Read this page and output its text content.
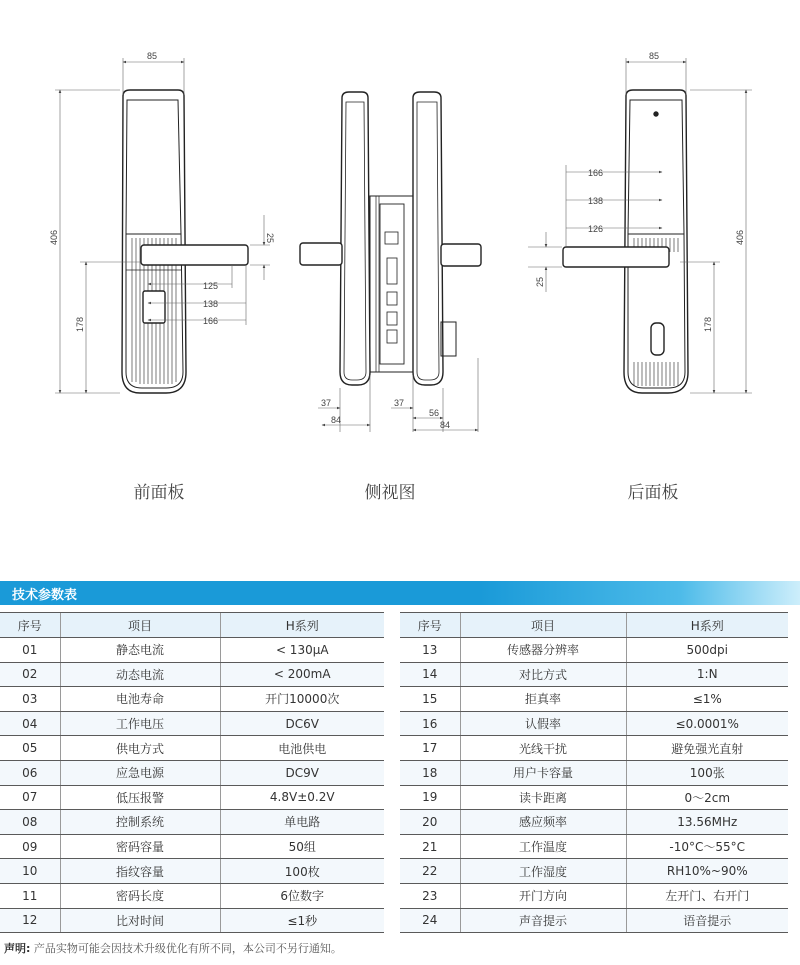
85
406
178
25
125
138
166
37
84
37
56
84
85
406
178
25
166
138
126
前面板	侧视图	后面板
技术参数表
序号	项目	H系列
01	静态电流	< 130μA
02	动态电流	< 200mA
03	电池寿命	开门10000次
04	工作电压	DC6V
05	供电方式	电池供电
06	应急电源	DC9V
07	低压报警	4.8V±0.2V
08	控制系统	单电路
09	密码容量	50组
10	指纹容量	100枚
11	密码长度	6位数字
12	比对时间	≤1秒
序号	项目	H系列
13	传感器分辨率	500dpi
14	对比方式	1:N
15	拒真率	≤1%
16	认假率	≤0.0001%
17	光线干扰	避免强光直射
18	用户卡容量	100张
19	读卡距离	0～2cm
20	感应频率	13.56MHz
21	工作温度	-10°C～55°C
22	工作湿度	RH10%~90%
23	开门方向	左开门、右开门
24	声音提示	语音提示
声明: 产品实物可能会因技术升级优化有所不同，本公司不另行通知。
